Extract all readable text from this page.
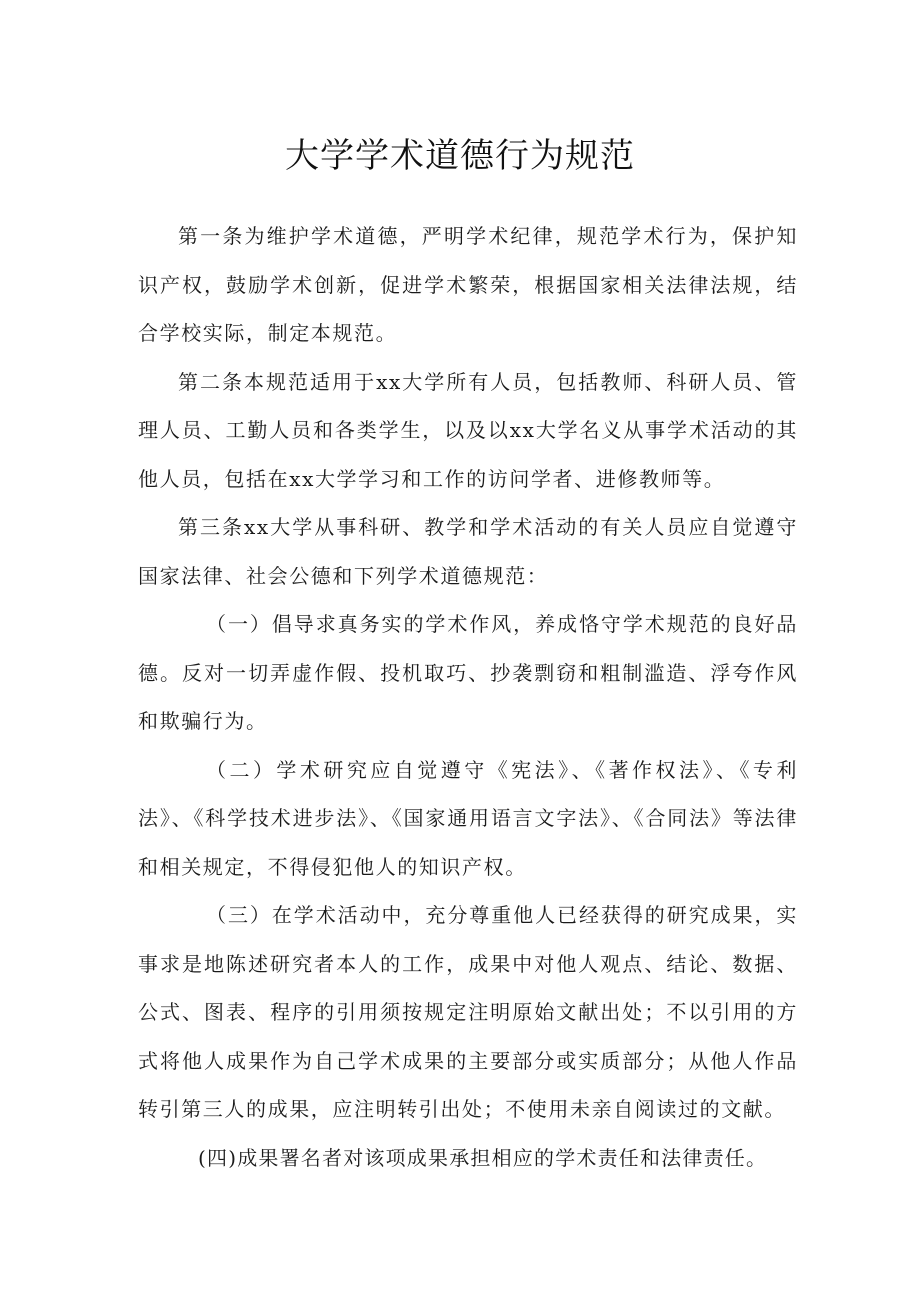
大学学术道德行为规范

第一条为维护学术道德，严明学术纪律，规范学术行为，保护知识产权，鼓励学术创新，促进学术繁荣，根据国家相关法律法规，结合学校实际，制定本规范。

第二条本规范适用于xx大学所有人员，包括教师、科研人员、管理人员、工勤人员和各类学生，以及以xx大学名义从事学术活动的其他人员，包括在xx大学学习和工作的访问学者、进修教师等。

第三条xx大学从事科研、教学和学术活动的有关人员应自觉遵守国家法律、社会公德和下列学术道德规范：

（一）倡导求真务实的学术作风，养成恪守学术规范的良好品德。反对一切弄虚作假、投机取巧、抄袭剽窃和粗制滥造、浮夸作风和欺骗行为。

（二）学术研究应自觉遵守《宪法》、《著作权法》、《专利法》、《科学技术进步法》、《国家通用语言文字法》、《合同法》等法律和相关规定，不得侵犯他人的知识产权。

（三）在学术活动中，充分尊重他人已经获得的研究成果，实事求是地陈述研究者本人的工作，成果中对他人观点、结论、数据、公式、图表、程序的引用须按规定注明原始文献出处；不以引用的方式将他人成果作为自己学术成果的主要部分或实质部分；从他人作品转引第三人的成果，应注明转引出处；不使用未亲自阅读过的文献。

(四)成果署名者对该项成果承担相应的学术责任和法律责任。
